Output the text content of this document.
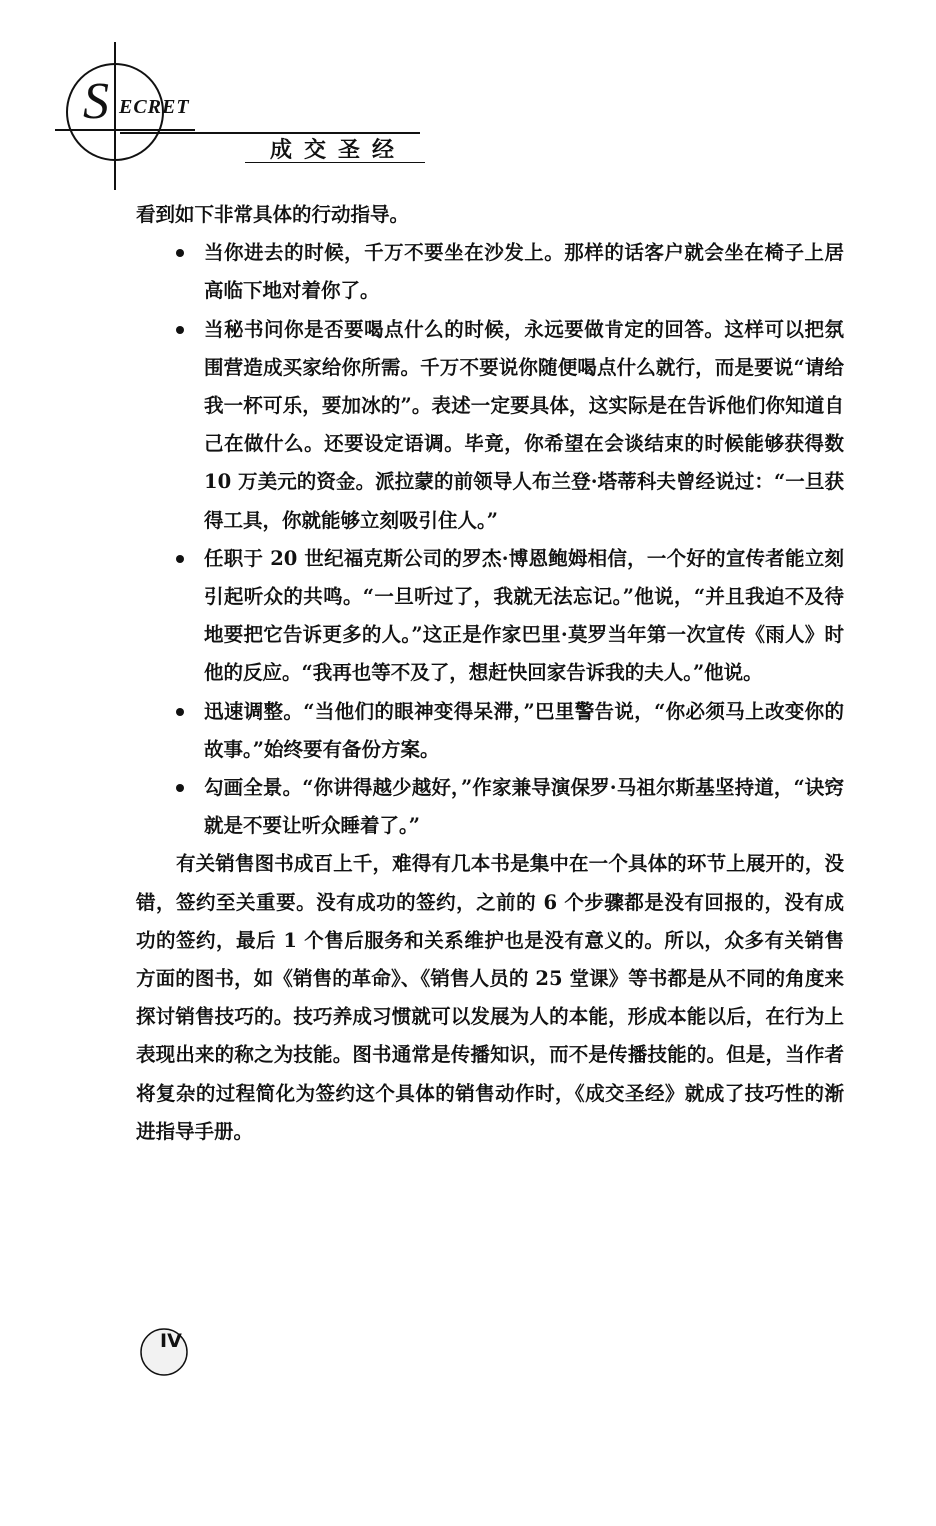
S ECRET
成交圣经

看到如下非常具体的行动指导。

当你进去的时候，千万不要坐在沙发上。那样的话客户就会坐在椅子上居高临下地对着你了。
当秘书问你是否要喝点什么的时候，永远要做肯定的回答。这样可以把氛围营造成买家给你所需。千万不要说你随便喝点什么就行，而是要说“请给我一杯可乐，要加冰的”。表述一定要具体，这实际是在告诉他们你知道自己在做什么。还要设定语调。毕竟，你希望在会谈结束的时候能够获得数 10 万美元的资金。派拉蒙的前领导人布兰登·塔蒂科夫曾经说过：“一旦获得工具，你就能够立刻吸引住人。”
任职于 20 世纪福克斯公司的罗杰·博恩鲍姆相信，一个好的宣传者能立刻引起听众的共鸣。“一旦听过了，我就无法忘记。”他说，“并且我迫不及待地要把它告诉更多的人。”这正是作家巴里·莫罗当年第一次宣传《雨人》时他的反应。“我再也等不及了，想赶快回家告诉我的夫人。”他说。
迅速调整。“当他们的眼神变得呆滞，”巴里警告说，“你必须马上改变你的故事。”始终要有备份方案。
勾画全景。“你讲得越少越好，”作家兼导演保罗·马祖尔斯基坚持道，“诀窍就是不要让听众睡着了。”

有关销售图书成百上千，难得有几本书是集中在一个具体的环节上展开的，没错，签约至关重要。没有成功的签约，之前的 6 个步骤都是没有回报的，没有成功的签约，最后 1 个售后服务和关系维护也是没有意义的。所以，众多有关销售方面的图书，如《销售的革命》、《销售人员的 25 堂课》等书都是从不同的角度来探讨销售技巧的。技巧养成习惯就可以发展为人的本能，形成本能以后，在行为上表现出来的称之为技能。图书通常是传播知识，而不是传播技能的。但是，当作者将复杂的过程简化为签约这个具体的销售动作时，《成交圣经》就成了技巧性的渐进指导手册。

IV
